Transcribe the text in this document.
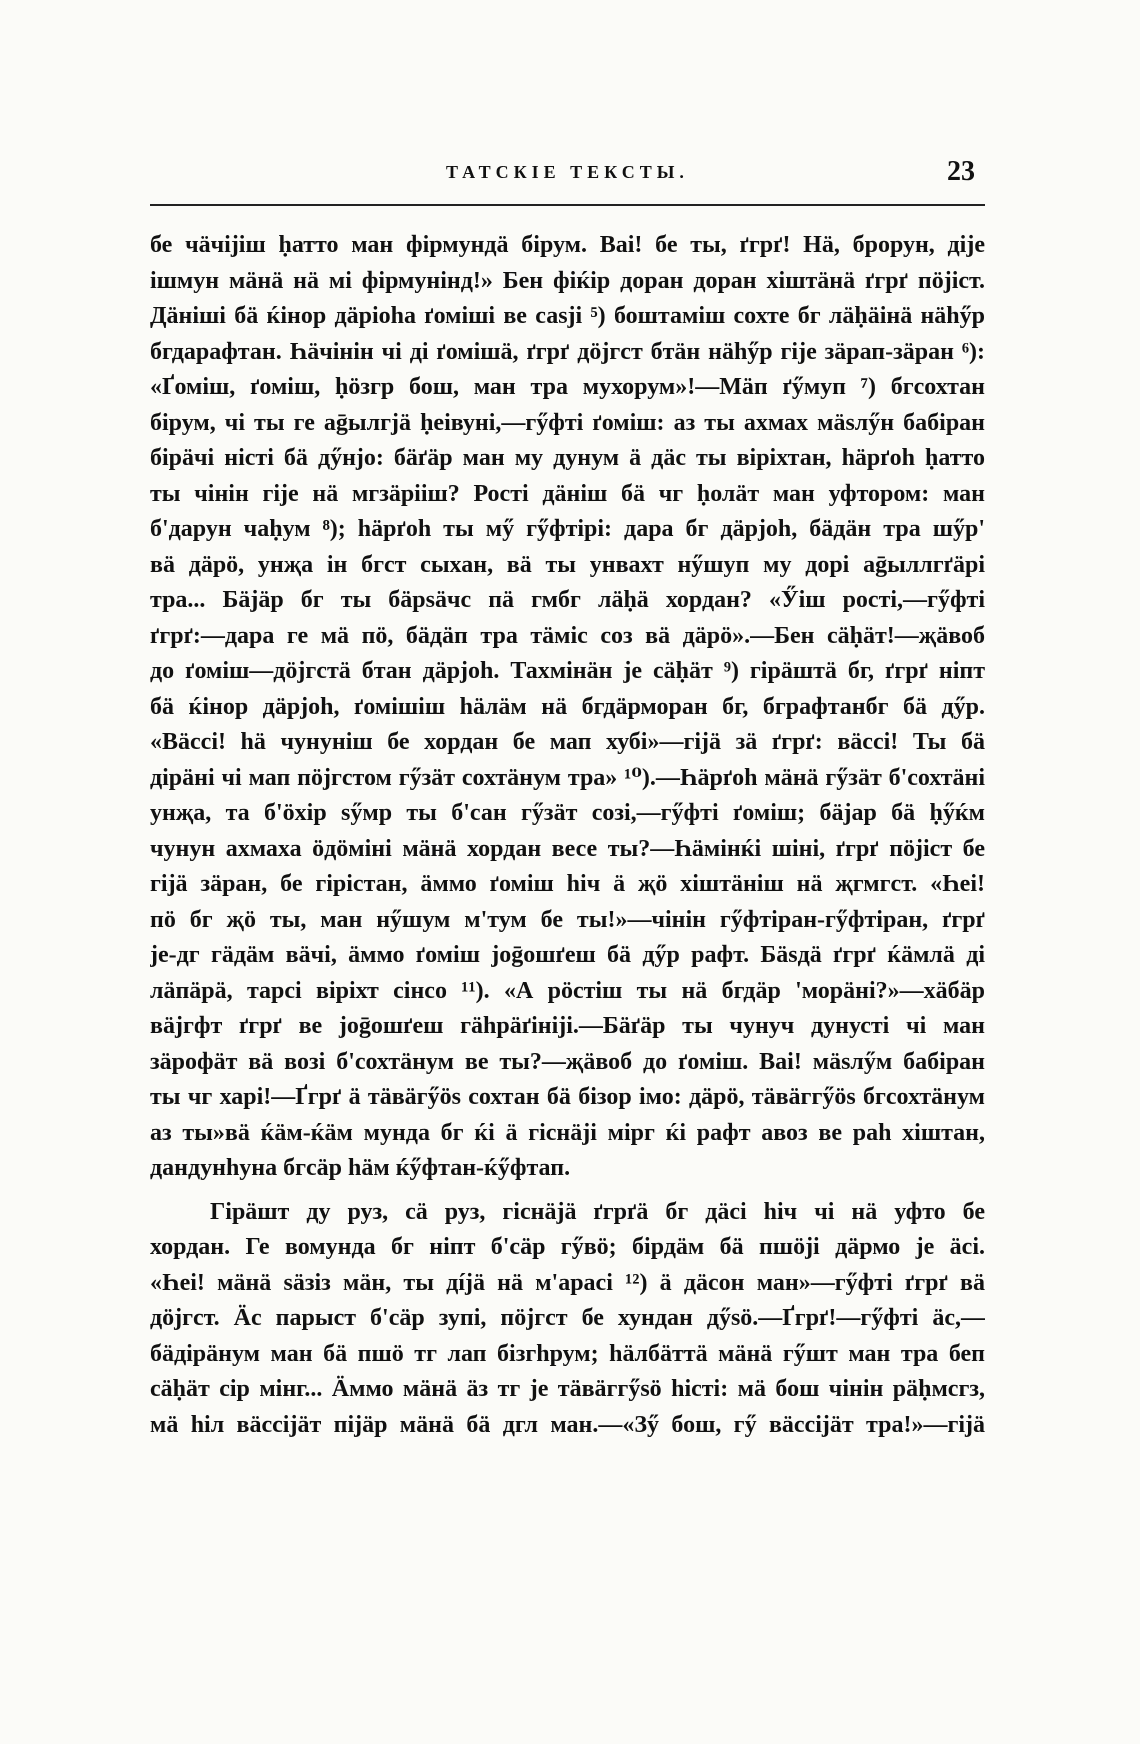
ТАТСКІЕ ТЕКСТЫ.	23
бе чäчіјіш ḥатто ман фірмундä бірум. Ваі! бе ты, ґгрґ! Нä, брорун, діје
ішмун мäнä нä мі фірмунінд!» Бен фіќір доран доран хіштäнä ґгрґ пöјіст.
Дäніші бä ќінор дäріоһа ґоміші ве саѕјі ⁵) боштаміш сохте бг лäḥäінä нäһӳр
бгдарафтан. Һäчінін чі ді ґомішä, ґгрґ дöјгст бтäн нäһӳр гіје зäрап-зäран ⁶):
«Ґоміш, ґоміш, ḥöзгр бош, ман тра мухорум»!—Мäп ґӳмуп ⁷) бгсохтан
бірум, чі ты ге аḡылгјä ḥеівуні,—гӳфті ґоміш: аз ты ахмах мäѕлӳн бабіран
бірäчі ністі бä дӳнјо: бäґäр ман му дунум ä дäс ты віріхтан, һäрґоһ ḥатто
ты чінін гіје нä мгзäрііш? Рості дäніш бä чг ḥолäт ман уфтором: ман
б'дарун чаḥум ⁸); һäрґоһ ты мӳ гӳфтірі: дара бг дäрјоһ, бäдäн тра шӳр'
вä дäрö, унҗа ін бгст сыхан, вä ты унвахт нӳшуп му дорі аḡыллгґäрі
тра... Бäјäр бг ты бäрѕäчс пä гмбг лäḥä хордан? «Ӳіш рості,—гӳфті
ґгрґ:—дара ге мä пö, бäдäп тра тäміс соз вä дäрö».—Бен сäḥäт!—җäвоб
до ґоміш—дöјгстä бтан дäрјоһ. Тахмінäн је сäḥäт ⁹) гірäштä бг, ґгрґ ніпт
бä ќінор дäрјоһ, ґомішіш һäлäм нä бгдäрморан бг, бграфтанбг бä дӳр.
«Вäссі! һä чунуніш бе хордан бе мап хубі»—гіјä зä ґгрґ: вäссі! Ты бä
діpäні чі мап пöјгстом гӳзäт сохтäнум тра» ¹⁰).—Һäрґоһ мäнä гӳзäт б'сохтäні
унҗа, та б'öхір ѕӳмр ты б'сан гӳзäт созі,—гӳфті ґоміш; бäјар бä ḥӳќм
чунун ахмаха öдöміні мäнä хордан весе ты?—Һäмінќі шіні, ґгрґ пöјіст бе
гіјä зäран, бе гірістан, äммо ґоміш һіч ä җö хіштäніш нä җгмгст. «Һеі!
пö бг җö ты, ман нӳшум м'тум бе ты!»—чінін гӳфтіран-гӳфтіран, ґгрґ
је-дг гäдäм вäчі, äммо ґоміш јоḡошґеш бä дӳр рафт. Бäѕдä ґгрґ ќäмлä ді
лäпäрä, тарсі віріхт сінсо ¹¹). «А рöстіш ты нä бгдäр 'морäні?»—хäбäр
вäјгфт ґгрґ ве јоḡошґеш гäһрäґініјі.—Бäґäр ты чунуч дунусті чі ман
зäрофäт вä возі б'сохтäнум ве ты?—җäвоб до ґоміш. Ваі! мäѕлӳм бабіран
ты чг харі!—Ґгрґ ä тäвäгӳöѕ сохтан бä бізор імо: дäрö, тäвäггӳöѕ бгсохтäнум
аз ты»вä ќäм-ќäм мунда бг ќі ä гіснäјі міpг ќі рафт авоз ве раһ хіштан,
дандунһуна бгсäр һäм ќӳфтан-ќӳфтап.
Гірäшт ду руз, сä руз, гіснäјä ґгрґä бг дäсі һіч чі нä уфто бе
хордан. Ге вомунда бг ніпт б'сäр гӳвö; бірдäм бä пшöјі дäрмо је äсі.
«Һеі! мäнä ѕäзіз мäн, ты дíјä нä м'арасі ¹²) ä дäсон ман»—гӳфті ґгрґ вä
дöјгст. Äс парыст б'сäр зупі, пöјгст бе хундан дӳѕö.—Ґгрґ!—гӳфті äс,—
бäдірäнум ман бä пшö тг лап бізгһрум; һäлбäттä мäнä гӳшт ман тра беп
сäḥäт сір мінг... Äммо мäнä äз тг је тäвäггӳѕö һісті: мä бош чінін рäḥмсгз,
мä һіл вäссіјäт пijäр мäнä бä дгл ман.—«Зӳ бош, гӳ вäссіјäт тра!»—гіјä
